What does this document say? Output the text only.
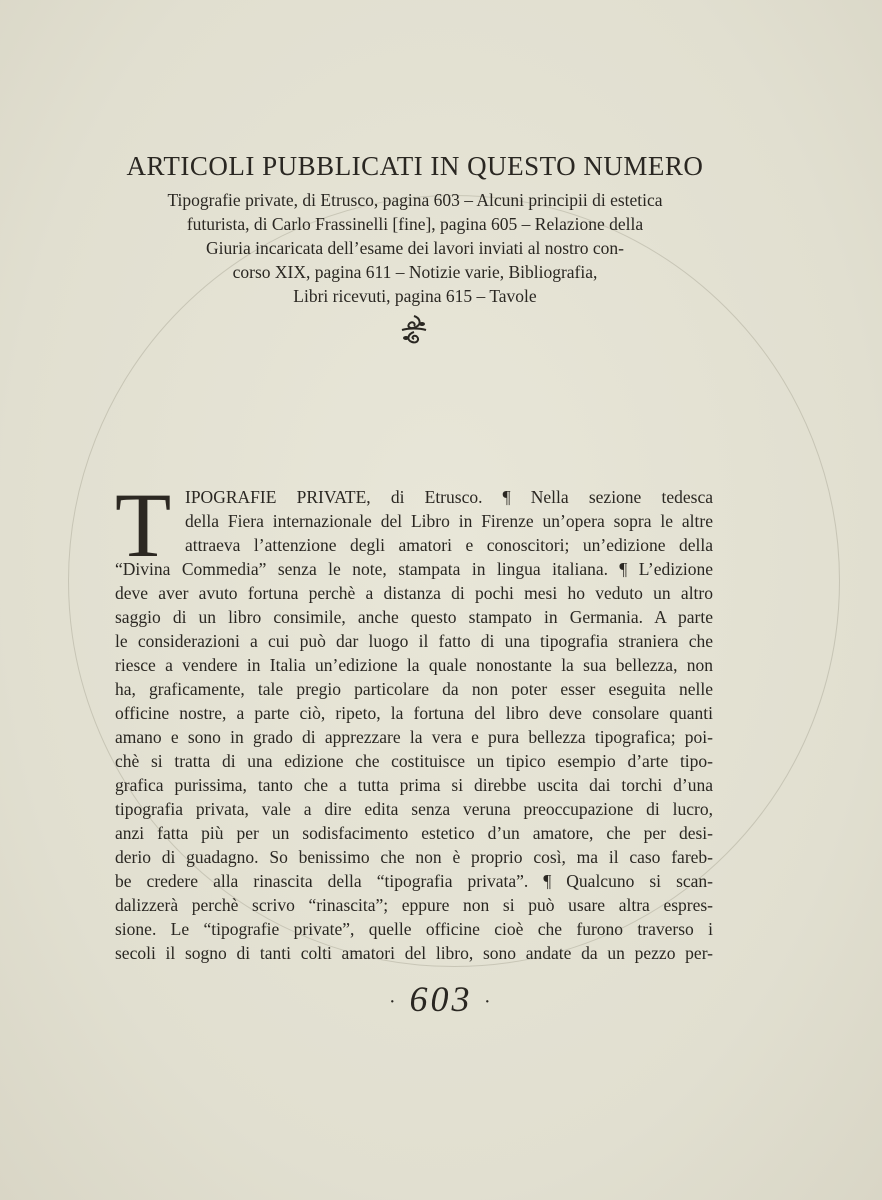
ARTICOLI PUBBLICATI IN QUESTO NUMERO

Tipografie private, di Etrusco, pagina 603 – Alcuni principii di estetica

futurista, di Carlo Frassinelli [fine], pagina 605 – Relazione della

Giuria incaricata dell’esame dei lavori inviati al nostro con-

corso XIX, pagina 611 – Notizie varie, Bibliografia,

Libri ricevuti, pagina 615 – Tavole

T IPOGRAFIE PRIVATE, di Etrusco. ¶ Nella sezione tedesca
della Fiera internazionale del Libro in Firenze un’opera sopra le altre
attraeva l’attenzione degli amatori e conoscitori; un’edizione della
“Divina Commedia” senza le note, stampata in lingua italiana. ¶ L’edizione
deve aver avuto fortuna perchè a distanza di pochi mesi ho veduto un altro
saggio di un libro consimile, anche questo stampato in Germania. A parte
le considerazioni a cui può dar luogo il fatto di una tipografia straniera che
riesce a vendere in Italia un’edizione la quale nonostante la sua bellezza, non
ha, graficamente, tale pregio particolare da non poter esser eseguita nelle
officine nostre, a parte ciò, ripeto, la fortuna del libro deve consolare quanti
amano e sono in grado di apprezzare la vera e pura bellezza tipografica; poi-
chè si tratta di una edizione che costituisce un tipico esempio d’arte tipo-
grafica purissima, tanto che a tutta prima si direbbe uscita dai torchi d’una
tipografia privata, vale a dire edita senza veruna preoccupazione di lucro,
anzi fatta più per un sodisfacimento estetico d’un amatore, che per desi-
derio di guadagno. So benissimo che non è proprio così, ma il caso fareb-
be credere alla rinascita della “tipografia privata”. ¶ Qualcuno si scan-
dalizzerà perchè scrivo “rinascita”; eppure non si può usare altra espres-
sione. Le “tipografie private”, quelle officine cioè che furono traverso i
secoli il sogno di tanti colti amatori del libro, sono andate da un pezzo per-
· 603 ·
